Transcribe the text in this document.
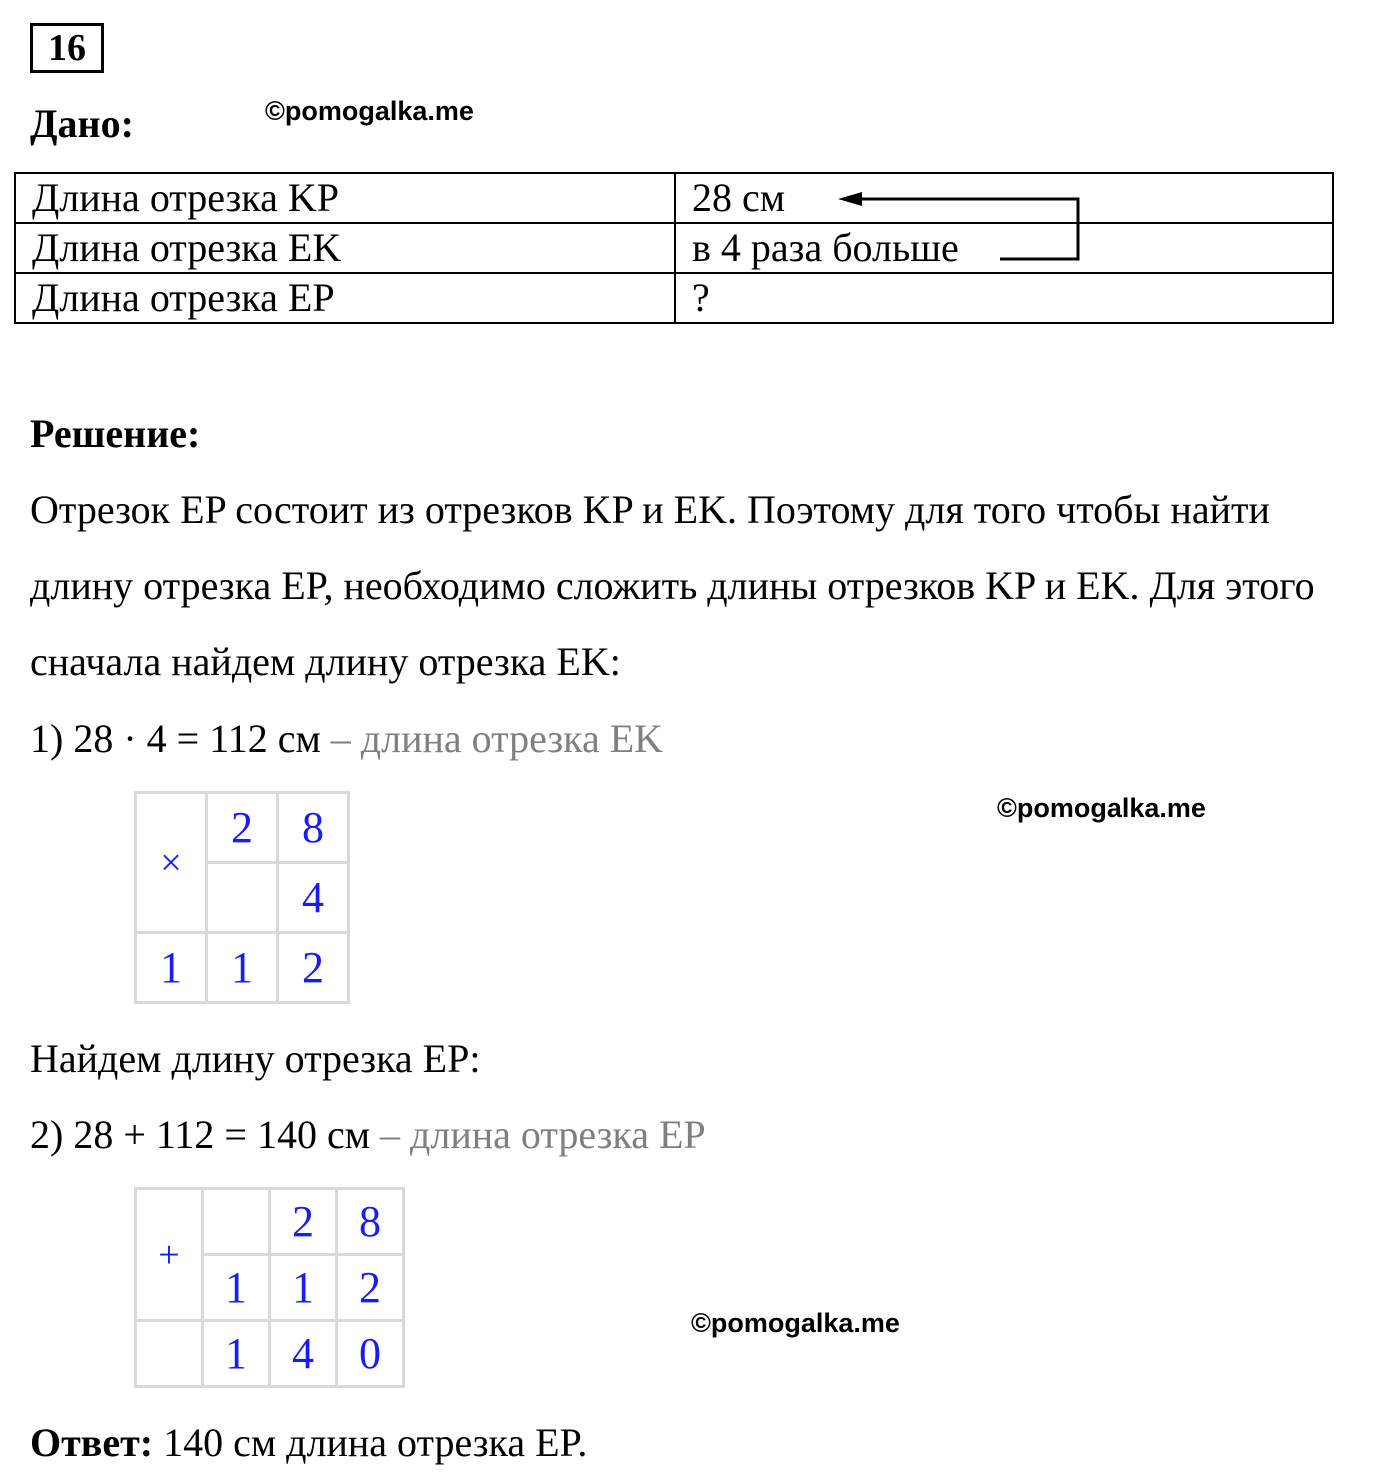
16
Дано:	©pomogalka.me
Длина отрезка KP	28 см
Длина отрезка EK	в 4 раза больше
Длина отрезка EP	?
Решение:
Отрезок EP состоит из отрезков KP и EK. Поэтому для того чтобы найти длину отрезка EP, необходимо сложить длины отрезков KP и EK. Для этого сначала найдем длину отрезка EK:
1) 28 · 4 = 112 см – длина отрезка EK
×	2	8
		4
1	1	2
©pomogalka.me
Найдем длину отрезка EP:
2) 28 + 112 = 140 см – длина отрезка EP
+		2	8
	1	1	2
	1	4	0
©pomogalka.me
Ответ: 140 см длина отрезка EP.
